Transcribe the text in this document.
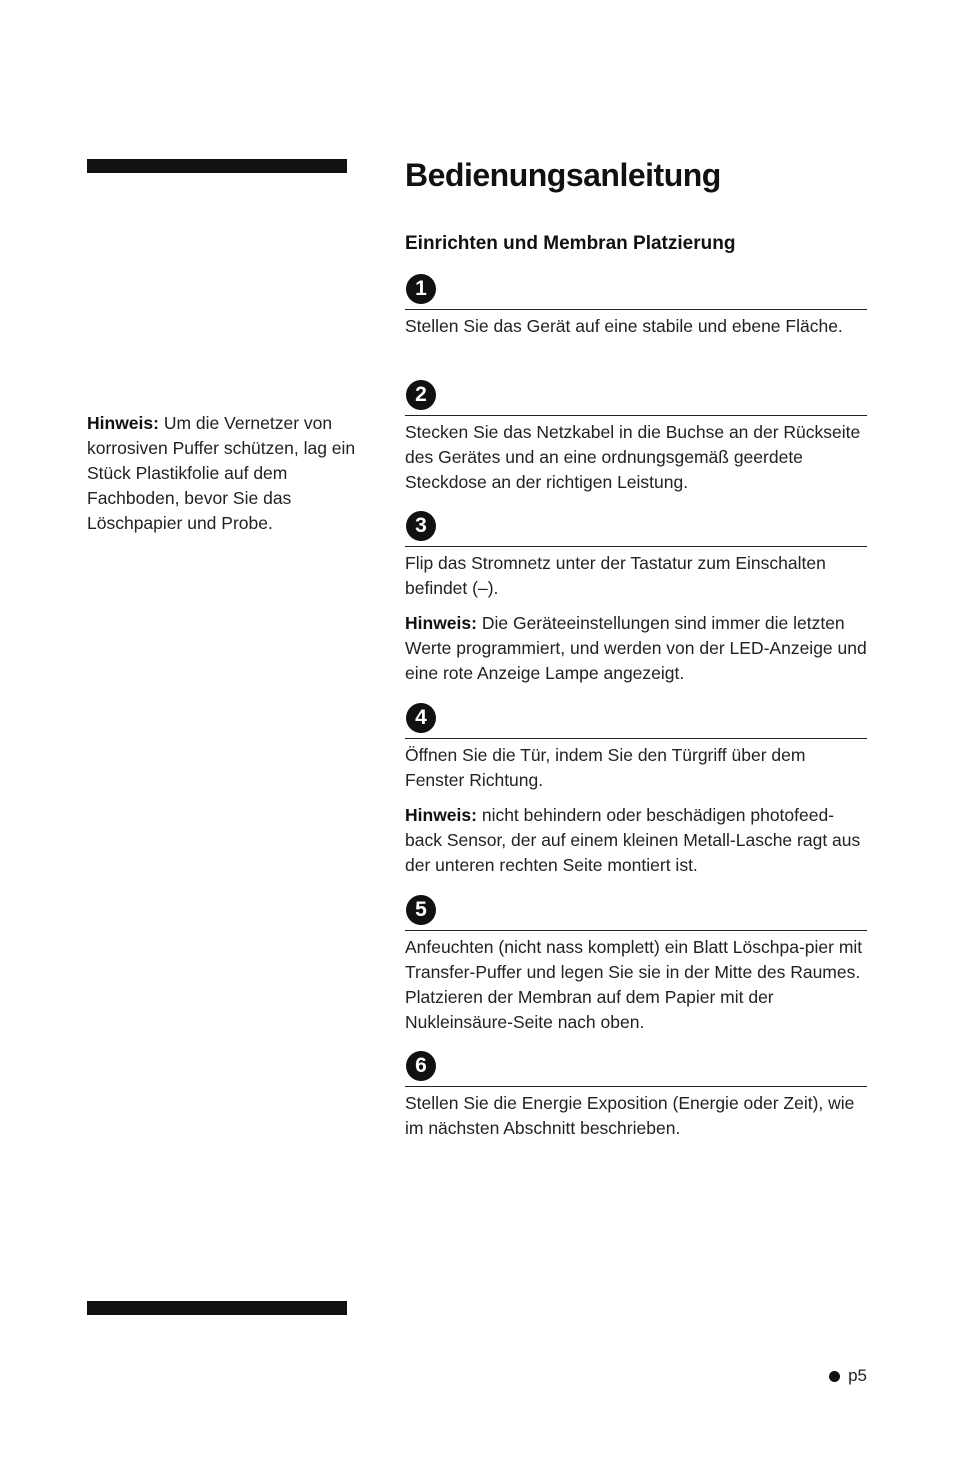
Hinweis: Um die Vernetzer von korrosiven Puffer schützen, lag ein Stück Plastikfolie auf dem Fachboden, bevor Sie das Löschpapier und Probe.
Bedienungsanleitung
Einrichten und Membran Platzierung
1

Stellen Sie das Gerät auf eine stabile und ebene Fläche.

2

Stecken Sie das Netzkabel in die Buchse an der Rückseite des Gerätes und an eine ordnungsgemäß geerdete Steckdose an der richtigen Leistung.

3

Flip das Stromnetz unter der Tastatur zum Einschalten befindet (–).

Hinweis: Die Geräteeinstellungen sind immer die letzten Werte programmiert, und werden von der LED-Anzeige und eine rote Anzeige Lampe angezeigt.

4

Öffnen Sie die Tür, indem Sie den Türgriff über dem Fenster Richtung.

Hinweis: nicht behindern oder beschädigen photofeed-back Sensor, der auf einem kleinen Metall-Lasche ragt aus der unteren rechten Seite montiert ist.

5

Anfeuchten (nicht nass komplett) ein Blatt Löschpa-pier mit Transfer-Puffer und legen Sie sie in der Mitte des Raumes. Platzieren der Membran auf dem Papier mit der Nukleinsäure-Seite nach oben.

6

Stellen Sie die Energie Exposition (Energie oder Zeit), wie im nächsten Abschnitt beschrieben.

p5
